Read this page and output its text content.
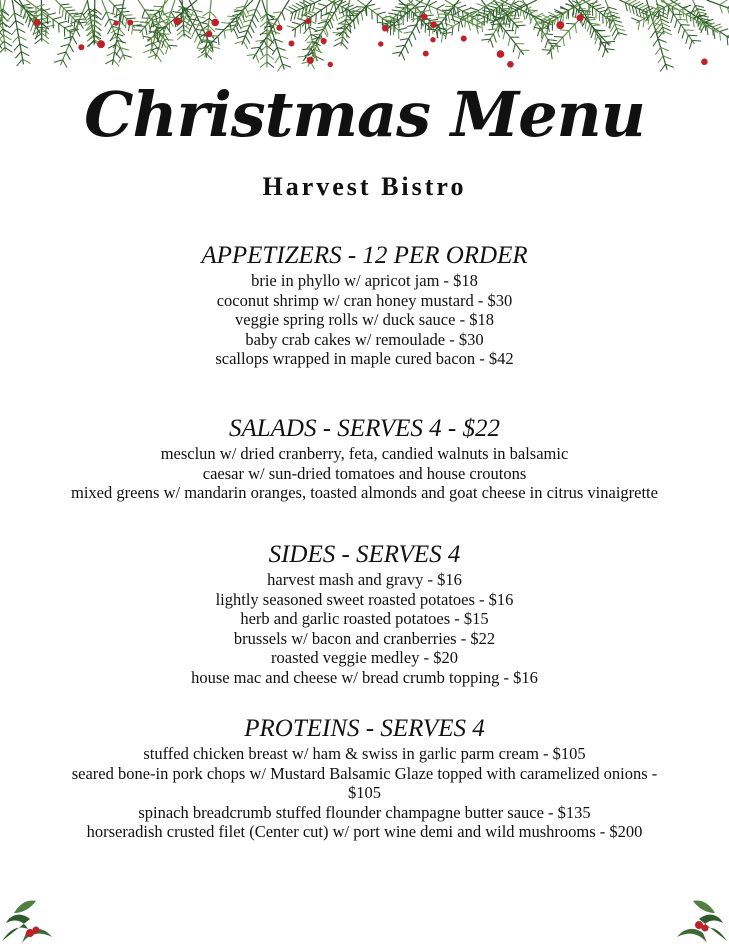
Christmas Menu
Harvest Bistro
APPETIZERS - 12 PER ORDER
brie in phyllo w/ apricot jam - $18
coconut shrimp w/ cran honey mustard - $30
veggie spring rolls w/ duck sauce - $18
baby crab cakes w/ remoulade - $30
scallops wrapped in maple cured bacon - $42
SALADS - SERVES 4 - $22
mesclun w/ dried cranberry, feta, candied walnuts in balsamic
caesar w/ sun-dried tomatoes and house croutons
mixed greens w/ mandarin oranges, toasted almonds and goat cheese in citrus vinaigrette
SIDES - SERVES 4
harvest mash and gravy - $16
lightly seasoned sweet roasted potatoes - $16
herb and garlic roasted potatoes - $15
brussels w/ bacon and cranberries - $22
roasted veggie medley - $20
house mac and cheese w/ bread crumb topping - $16
PROTEINS - SERVES 4
stuffed chicken breast w/ ham & swiss in garlic parm cream - $105
seared bone-in pork chops w/ Mustard Balsamic Glaze topped with caramelized onions - $105
spinach breadcrumb stuffed flounder champagne butter sauce - $135
horseradish crusted filet (Center cut) w/ port wine demi and wild mushrooms - $200
